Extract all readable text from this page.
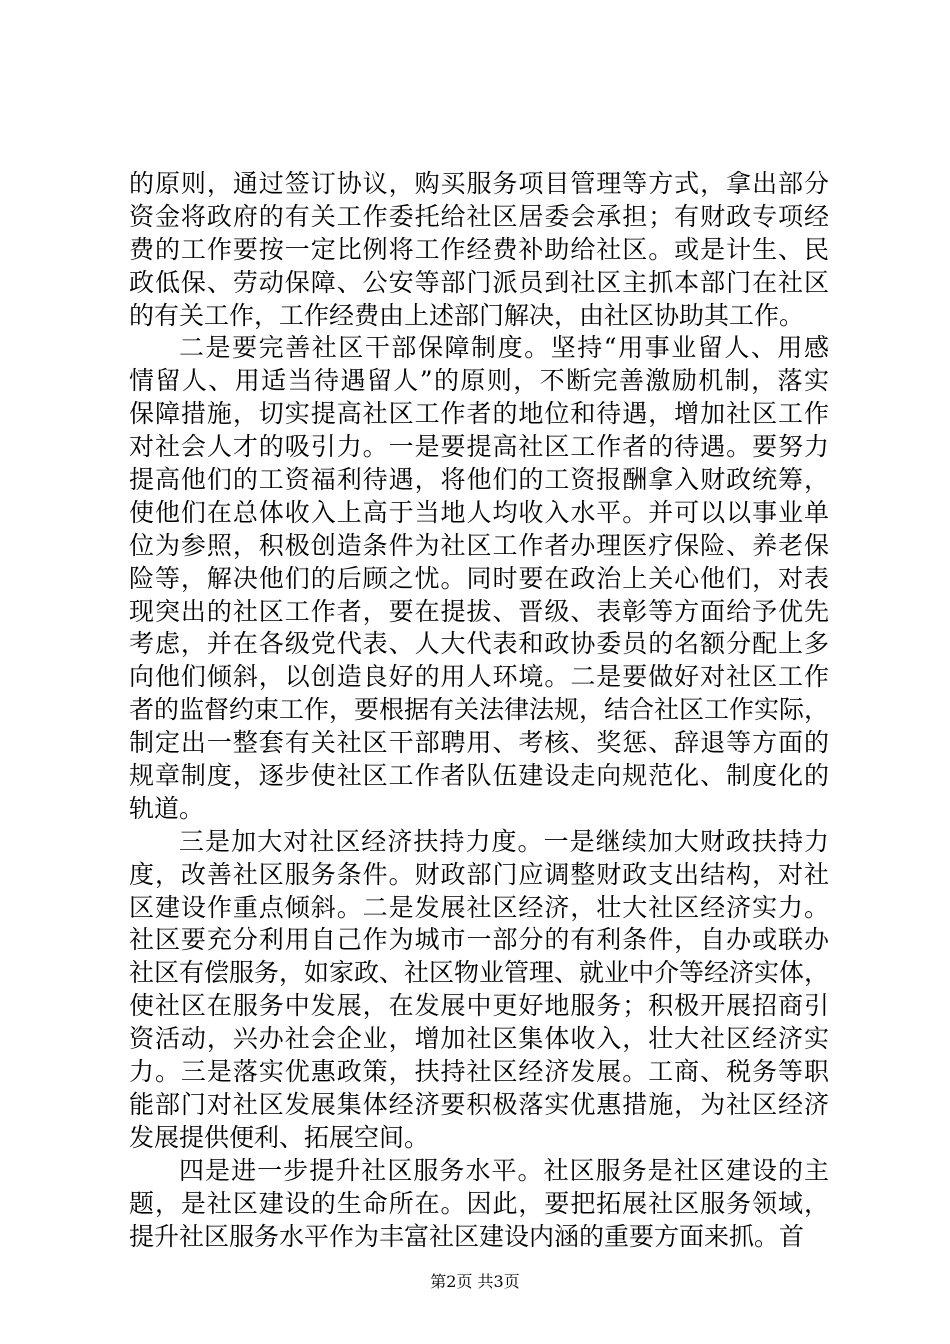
的原则，通过签订协议，购买服务项目管理等方式，拿出部分
资金将政府的有关工作委托给社区居委会承担；有财政专项经
费的工作要按一定比例将工作经费补助给社区。或是计生、民
政低保、劳动保障、公安等部门派员到社区主抓本部门在社区
的有关工作，工作经费由上述部门解决，由社区协助其工作。
二是要完善社区干部保障制度。坚持“用事业留人、用感
情留人、用适当待遇留人”的原则，不断完善激励机制，落实
保障措施，切实提高社区工作者的地位和待遇，增加社区工作
对社会人才的吸引力。一是要提高社区工作者的待遇。要努力
提高他们的工资福利待遇，将他们的工资报酬拿入财政统筹，
使他们在总体收入上高于当地人均收入水平。并可以以事业单
位为参照，积极创造条件为社区工作者办理医疗保险、养老保
险等，解决他们的后顾之忧。同时要在政治上关心他们，对表
现突出的社区工作者，要在提拔、晋级、表彰等方面给予优先
考虑，并在各级党代表、人大代表和政协委员的名额分配上多
向他们倾斜，以创造良好的用人环境。二是要做好对社区工作
者的监督约束工作，要根据有关法律法规，结合社区工作实际，
制定出一整套有关社区干部聘用、考核、奖惩、辞退等方面的
规章制度，逐步使社区工作者队伍建设走向规范化、制度化的
轨道。
三是加大对社区经济扶持力度。一是继续加大财政扶持力
度，改善社区服务条件。财政部门应调整财政支出结构，对社
区建设作重点倾斜。二是发展社区经济，壮大社区经济实力。
社区要充分利用自己作为城市一部分的有利条件，自办或联办
社区有偿服务，如家政、社区物业管理、就业中介等经济实体，
使社区在服务中发展，在发展中更好地服务；积极开展招商引
资活动，兴办社会企业，增加社区集体收入，壮大社区经济实
力。三是落实优惠政策，扶持社区经济发展。工商、税务等职
能部门对社区发展集体经济要积极落实优惠措施，为社区经济
发展提供便利、拓展空间。
四是进一步提升社区服务水平。社区服务是社区建设的主
题，是社区建设的生命所在。因此，要把拓展社区服务领域，
提升社区服务水平作为丰富社区建设内涵的重要方面来抓。首
第2页 共3页
